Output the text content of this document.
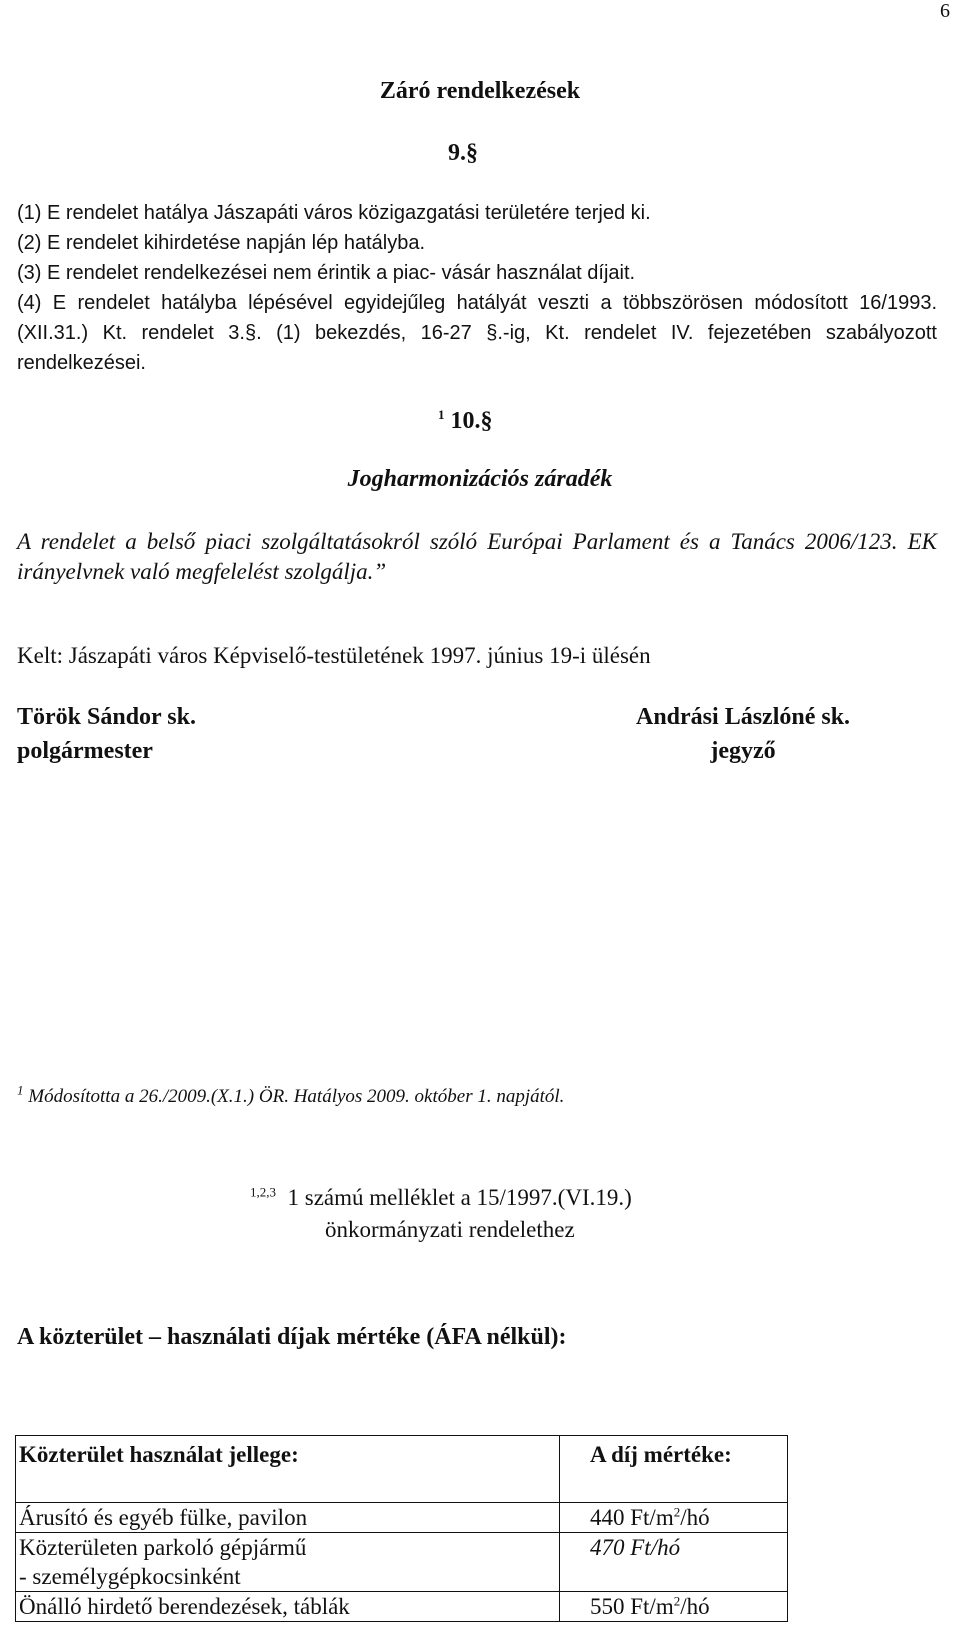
6
Záró rendelkezések
9.§
(1) E rendelet hatálya Jászapáti város közigazgatási területére terjed ki.
(2) E rendelet kihirdetése napján lép hatályba.
(3) E rendelet rendelkezései nem érintik a piac- vásár használat díjait.
(4) E rendelet hatályba lépésével egyidejűleg hatályát veszti a többszörösen módosított 16/1993. (XII.31.) Kt. rendelet 3.§. (1) bekezdés, 16-27 §.-ig, Kt. rendelet IV. fejezetében szabályozott rendelkezései.
$^1$ 10.§
Jogharmonizációs záradék
A rendelet a belső piaci szolgáltatásokról szóló Európai Parlament és a Tanács 2006/123. EK irányelvnek való megfelelést szolgálja.”
Kelt: Jászapáti város Képviselő-testületének 1997. június 19-i ülésén
Török Sándor sk.
polgármester
Andrási Lászlóné sk.
jegyző
$^1$ Módosította a 26./2009.(X.1.) ÖR. Hatályos 2009. október 1. napjától.
$^{1,2,3}$ 1 számú melléklet a 15/1997.(VI.19.)
önkormányzati rendelethez
A közterület – használati díjak mértéke (ÁFA nélkül):
Közterület használat jellege:	A díj mértéke:
Árusító és egyéb fülke, pavilon	440 $Ft/m^2/hó$

Közterületen parkoló gépjármű
- személygépkocsinként	470 Ft/hó
Önálló hirdető berendezések, táblák	550 $Ft/m^2/hó$
